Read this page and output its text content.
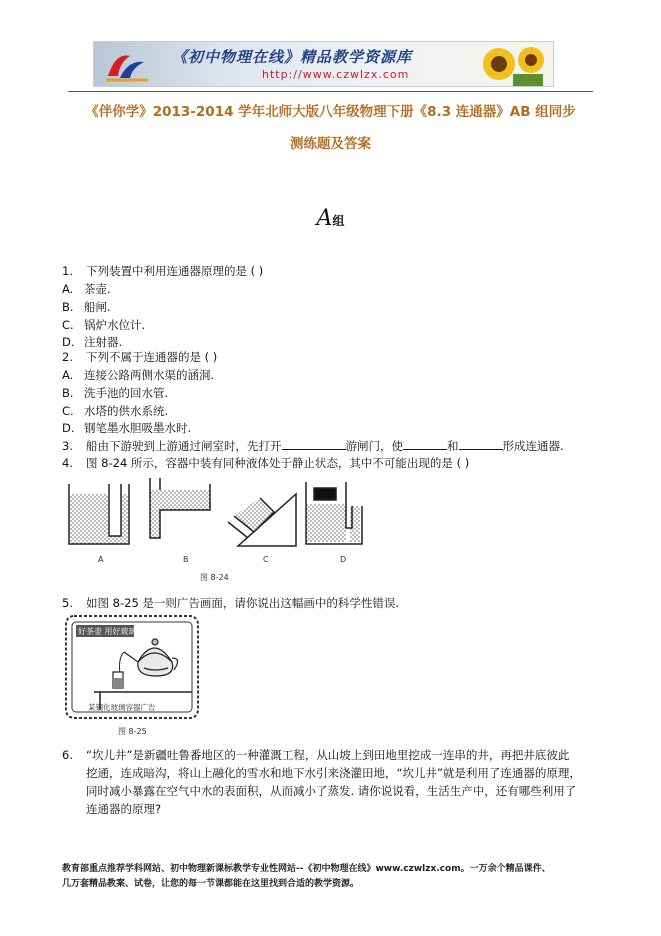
《初中物理在线》精品教学资源库
http://www.czwlzx.com
《伴你学》2013-2014 学年北师大版八年级物理下册《8.3 连通器》AB 组同步
测练题及答案
A组
1. 下列装置中利用连通器原理的是 ( )
A. 茶壶.
B. 船闸.
C. 锅炉水位计.
D. 注射器.
2. 下列不属于连通器的是 ( )
A. 连接公路两侧水渠的涵洞.
B. 洗手池的回水管.
C. 水塔的供水系统.
D. 钢笔墨水胆吸墨水时.
3. 船由下游驶到上游通过闸室时，先打开	游闸门，使	和	形成连通器.
4. 图 8-24 所示，容器中装有同种液体处于静止状态，其中不可能出现的是 ( )
A	B	C	D
图 8-24
5. 如图 8-25 是一则广告画面，请你说出这幅画中的科学性错误.
好茶壶 用好玻璃
某钢化玻璃容器广告
图 8-25
6. “坎儿井”是新疆吐鲁番地区的一种灌溉工程，从山坡上到田地里挖成一连串的井，再把井底彼此
挖通，连成暗沟，将山上融化的雪水和地下水引来浇灌田地，“坎儿井”就是利用了连通器的原理，
同时减小暴露在空气中水的表面积，从而减小了蒸发. 请你说说看，生活生产中，还有哪些利用了
连通器的原理?
教育部重点推荐学科网站、初中物理新课标教学专业性网站--《初中物理在线》www.czwlzx.com。一万余个精品课件、
几万套精品教案、试卷，让您的每一节课都能在这里找到合适的教学资源。
